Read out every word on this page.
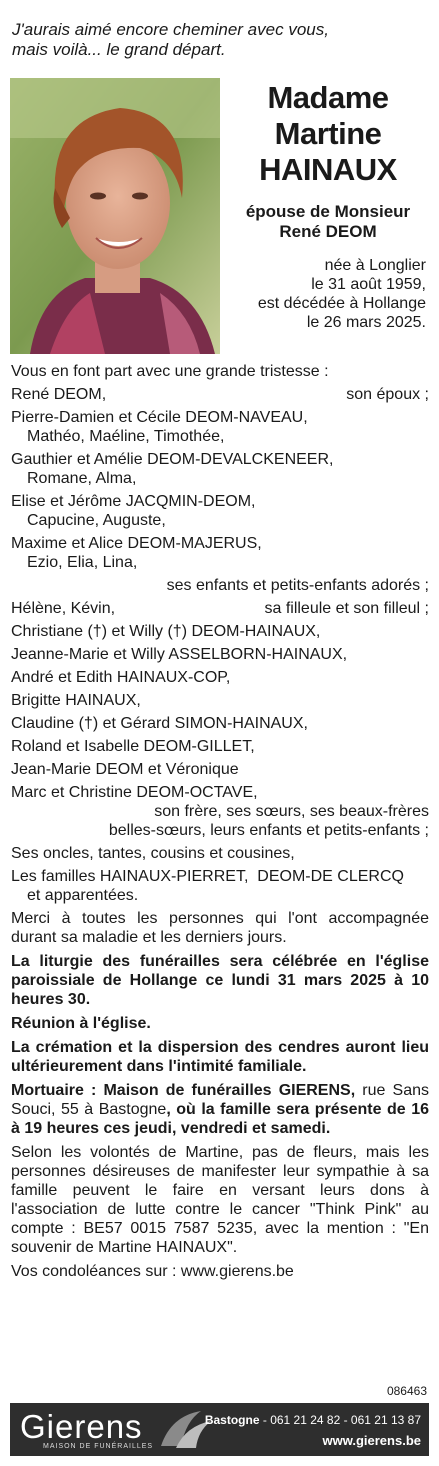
J'aurais aimé encore cheminer avec vous,
mais voilà... le grand départ.
Madame
Martine
HAINAUX
épouse de Monsieur
René DEOM
née à Longlier
le 31 août 1959,
est décédée à Hollange
le 26 mars 2025.
Vous en font part avec une grande tristesse :
René DEOM,	son époux ;
Pierre-Damien et Cécile DEOM-NAVEAU,
Mathéo, Maéline, Timothée,
Gauthier et Amélie DEOM-DEVALCKENEER,
Romane, Alma,
Elise et Jérôme JACQMIN-DEOM,
Capucine, Auguste,
Maxime et Alice DEOM-MAJERUS,
Ezio, Elia, Lina,
ses enfants et petits-enfants adorés ;
Hélène, Kévin,	sa filleule et son filleul ;
Christiane (†) et Willy (†) DEOM-HAINAUX,
Jeanne-Marie et Willy ASSELBORN-HAINAUX,
André et Edith HAINAUX-COP,
Brigitte HAINAUX,
Claudine (†) et Gérard SIMON-HAINAUX,
Roland et Isabelle DEOM-GILLET,
Jean-Marie DEOM et Véronique
Marc et Christine DEOM-OCTAVE,
son frère, ses sœurs, ses beaux-frères
belles-sœurs, leurs enfants et petits-enfants ;
Ses oncles, tantes, cousins et cousines,
Les familles HAINAUX-PIERRET,  DEOM-DE CLERCQ
et apparentées.
Merci à toutes les personnes qui l'ont accompagnée durant sa maladie et les derniers jours.
La liturgie des funérailles sera célébrée en l'église paroissiale de Hollange ce lundi 31 mars 2025 à 10 heures 30.
Réunion à l'église.
La crémation et la dispersion des cendres auront lieu ultérieurement dans l'intimité familiale.
Mortuaire : Maison de funérailles GIERENS, rue Sans Souci, 55 à Bastogne, où la famille sera présente de 16 à 19 heures ces jeudi, vendredi et samedi.
Selon les volontés de Martine, pas de fleurs, mais les personnes désireuses de manifester leur sympathie à sa famille peuvent le faire en versant leurs dons à l'association de lutte contre le cancer "Think Pink" au compte : BE57 0015 7587 5235, avec la mention : "En souvenir de Martine HAINAUX".
Vos condoléances sur : www.gierens.be
086463
Gierens
MAISON DE FUNÉRAILLES
Bastogne - 061 21 24 82 - 061 21 13 87
www.gierens.be
